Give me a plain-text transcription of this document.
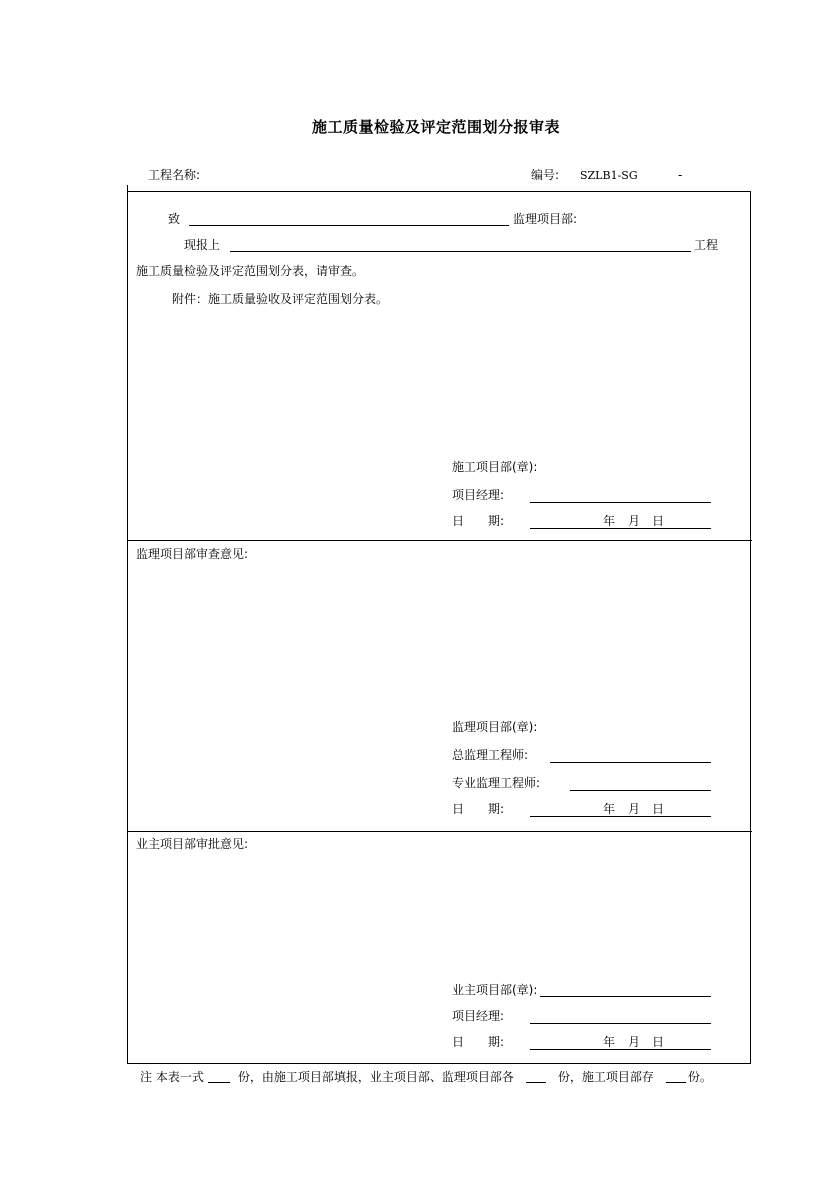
施工质量检验及评定范围划分报审表
工程名称:	编号: SZLB1-SG	-
致	监理项目部:
现报上	工程
施工质量检验及评定范围划分表，请审查。
附件：施工质量验收及评定范围划分表。
施工项目部(章):
项目经理:
日　　期:	年 月 日
监理项目部审查意见:
监理项目部(章):
总监理工程师:
专业监理工程师:
日　　期:	年 月 日
业主项目部审批意见:
业主项目部(章):
项目经理:
日　　期:	年 月 日
注 本表一式	份，由施工项目部填报，业主项目部、监理项目部各	份，施工项目部存	份。
